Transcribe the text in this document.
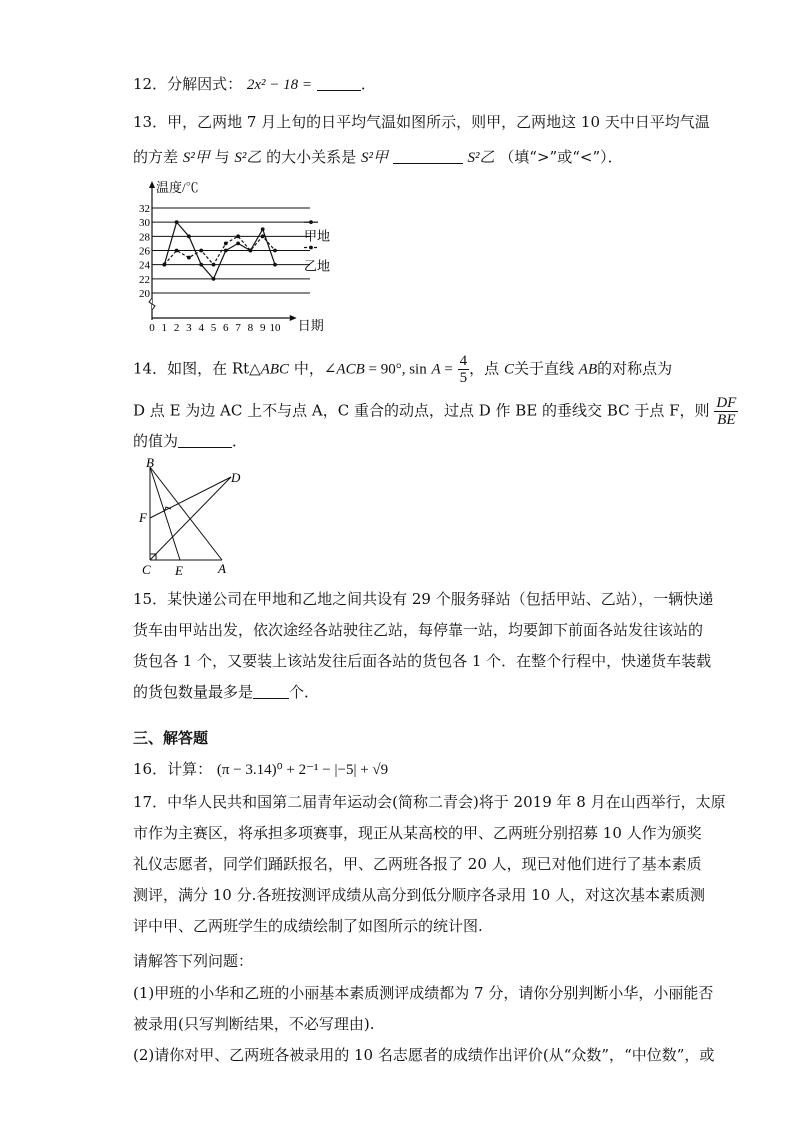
12．分解因式： 2x² − 18 =	．
13．甲，乙两地 7 月上旬的日平均气温如图所示，则甲，乙两地这 10 天中日平均气温
的方差 S²甲 与 S²乙 的大小关系是 S²甲	S²乙 （填“>”或“<”）．
20
22
24
26
28
30
32
0 1 2 3 4 5 6 7 8 9 10
温度/℃
日期
甲地
乙地
14．如图，在 Rt△ABC 中，∠ACB = 90°, $\sin A = \frac{4}{5}$ ，点 C关于直线 AB的对称点为
D 点 E 为边 AC 上不与点 A，C 重合的动点，过点 D 作 BE 的垂线交 BC 于点 F，则 $\frac{DF}{BE}$
的值为	．
B
D
F
C E	A
15．某快递公司在甲地和乙地之间共设有 29 个服务驿站（包括甲站、乙站），一辆快递
货车由甲站出发，依次途经各站驶往乙站，每停靠一站，均要卸下前面各站发往该站的
货包各 1 个，又要装上该站发往后面各站的货包各 1 个．在整个行程中，快递货车装载
的货包数量最多是 个．
三、解答题
16．计算： (π − 3.14)⁰ + 2⁻¹ − |−5| + √9
17．中华人民共和国第二届青年运动会(简称二青会)将于 2019 年 8 月在山西举行，太原
市作为主赛区，将承担多项赛事，现正从某高校的甲、乙两班分别招募 10 人作为颁奖
礼仪志愿者，同学们踊跃报名，甲、乙两班各报了 20 人，现已对他们进行了基本素质
测评，满分 10 分.各班按测评成绩从高分到低分顺序各录用 10 人，对这次基本素质测
评中甲、乙两班学生的成绩绘制了如图所示的统计图.
请解答下列问题：
(1)甲班的小华和乙班的小丽基本素质测评成绩都为 7 分，请你分别判断小华，小丽能否
被录用(只写判断结果，不必写理由).
(2)请你对甲、乙两班各被录用的 10 名志愿者的成绩作出评价(从“众数”，“中位数”，或
